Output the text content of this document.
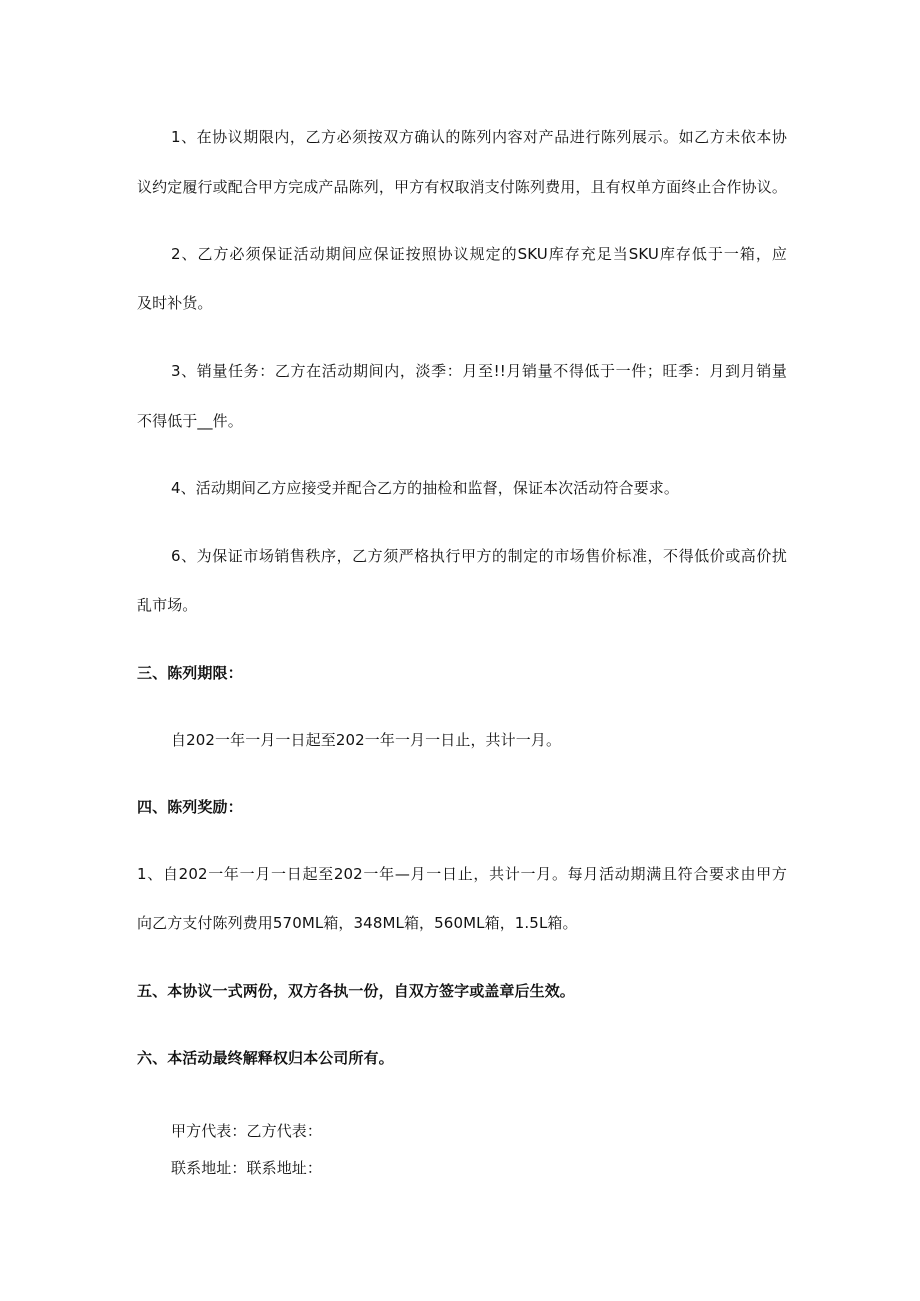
1、在协议期限内，乙方必须按双方确认的陈列内容对产品进行陈列展示。如乙方未依本协
议约定履行或配合甲方完成产品陈列，甲方有权取消支付陈列费用，且有权单方面终止合作协议。
2、乙方必须保证活动期间应保证按照协议规定的SKU库存充足当SKU库存低于一箱，应
及时补货。
3、销量任务：乙方在活动期间内，淡季：月至!!月销量不得低于一件；旺季：月到月销量
不得低于__件。
4、活动期间乙方应接受并配合乙方的抽检和监督，保证本次活动符合要求。
6、为保证市场销售秩序，乙方须严格执行甲方的制定的市场售价标准，不得低价或高价扰
乱市场。
三、陈列期限：
自202一年一月一日起至202一年一月一日止，共计一月。
四、陈列奖励：
1、自202一年一月一日起至202一年—月一日止，共计一月。每月活动期满且符合要求由甲方
向乙方支付陈列费用570ML箱，348ML箱，560ML箱，1.5L箱。
五、本协议一式两份，双方各执一份，自双方签字或盖章后生效。
六、本活动最终解释权归本公司所有。
甲方代表：乙方代表：
联系地址：联系地址：
